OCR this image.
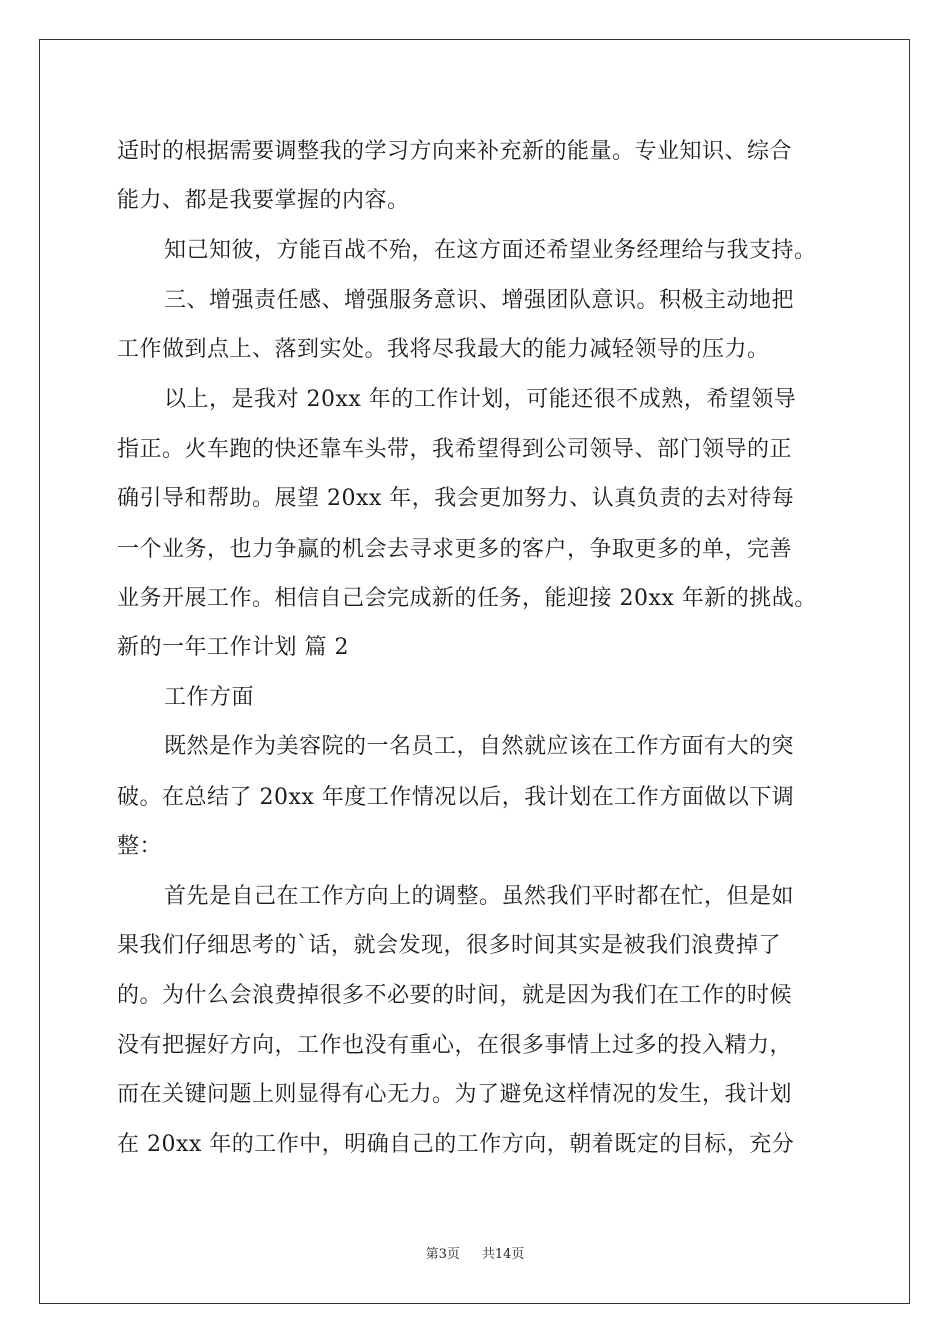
适时的根据需要调整我的学习方向来补充新的能量。专业知识、综合
能力、都是我要掌握的内容。
知己知彼，方能百战不殆，在这方面还希望业务经理给与我支持。
三、增强责任感、增强服务意识、增强团队意识。积极主动地把
工作做到点上、落到实处。我将尽我最大的能力减轻领导的压力。
以上，是我对 20xx 年的工作计划，可能还很不成熟，希望领导
指正。火车跑的快还靠车头带，我希望得到公司领导、部门领导的正
确引导和帮助。展望 20xx 年，我会更加努力、认真负责的去对待每
一个业务，也力争赢的机会去寻求更多的客户，争取更多的单，完善
业务开展工作。相信自己会完成新的任务，能迎接 20xx 年新的挑战。
新的一年工作计划 篇 2
工作方面
既然是作为美容院的一名员工，自然就应该在工作方面有大的突
破。在总结了 20xx 年度工作情况以后，我计划在工作方面做以下调
整：
首先是自己在工作方向上的调整。虽然我们平时都在忙，但是如
果我们仔细思考的`话，就会发现，很多时间其实是被我们浪费掉了
的。为什么会浪费掉很多不必要的时间，就是因为我们在工作的时候
没有把握好方向，工作也没有重心，在很多事情上过多的投入精力，
而在关键问题上则显得有心无力。为了避免这样情况的发生，我计划
在 20xx 年的工作中，明确自己的工作方向，朝着既定的目标，充分
第3页 共14页
